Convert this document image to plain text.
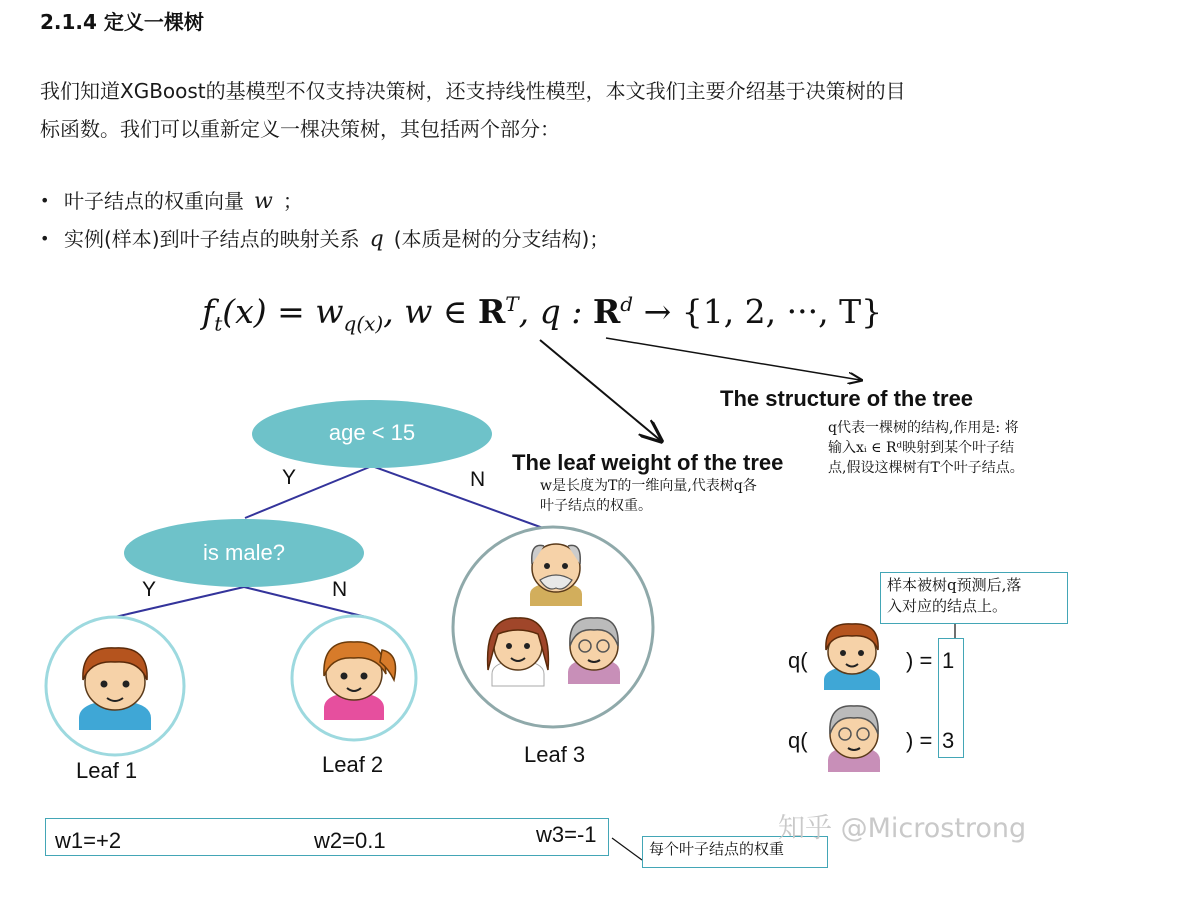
2.1.4 定义一棵树
我们知道XGBoost的基模型不仅支持决策树，还支持线性模型，本文我们主要介绍基于决策树的目
标函数。我们可以重新定义一棵决策树，其包括两个部分：
• 叶子结点的权重向量 w ；
• 实例(样本)到叶子结点的映射关系 q (本质是树的分支结构)；
$f_t(x) = w_{q(x)}$, w ∈ $R^T$, q : $R^d \to \{1$, 2, ···, T}
The structure of the tree
q代表一棵树的结构,作用是: 将
输入xᵢ ∈ Rᵈ映射到某个叶子结
点,假设这棵树有T个叶子结点。
The leaf weight of the tree
w是长度为T的一维向量,代表树q各
叶子结点的权重。
age < 15
is male?
Y	N
Y	N
Leaf 1	Leaf 2	Leaf 3
w1=+2	w2=0.1	w3=-1
每个叶子结点的权重
样本被树q预测后,落
入对应的结点上。
q(	) = 1
q(	) = 3
知乎 @Microstrong
